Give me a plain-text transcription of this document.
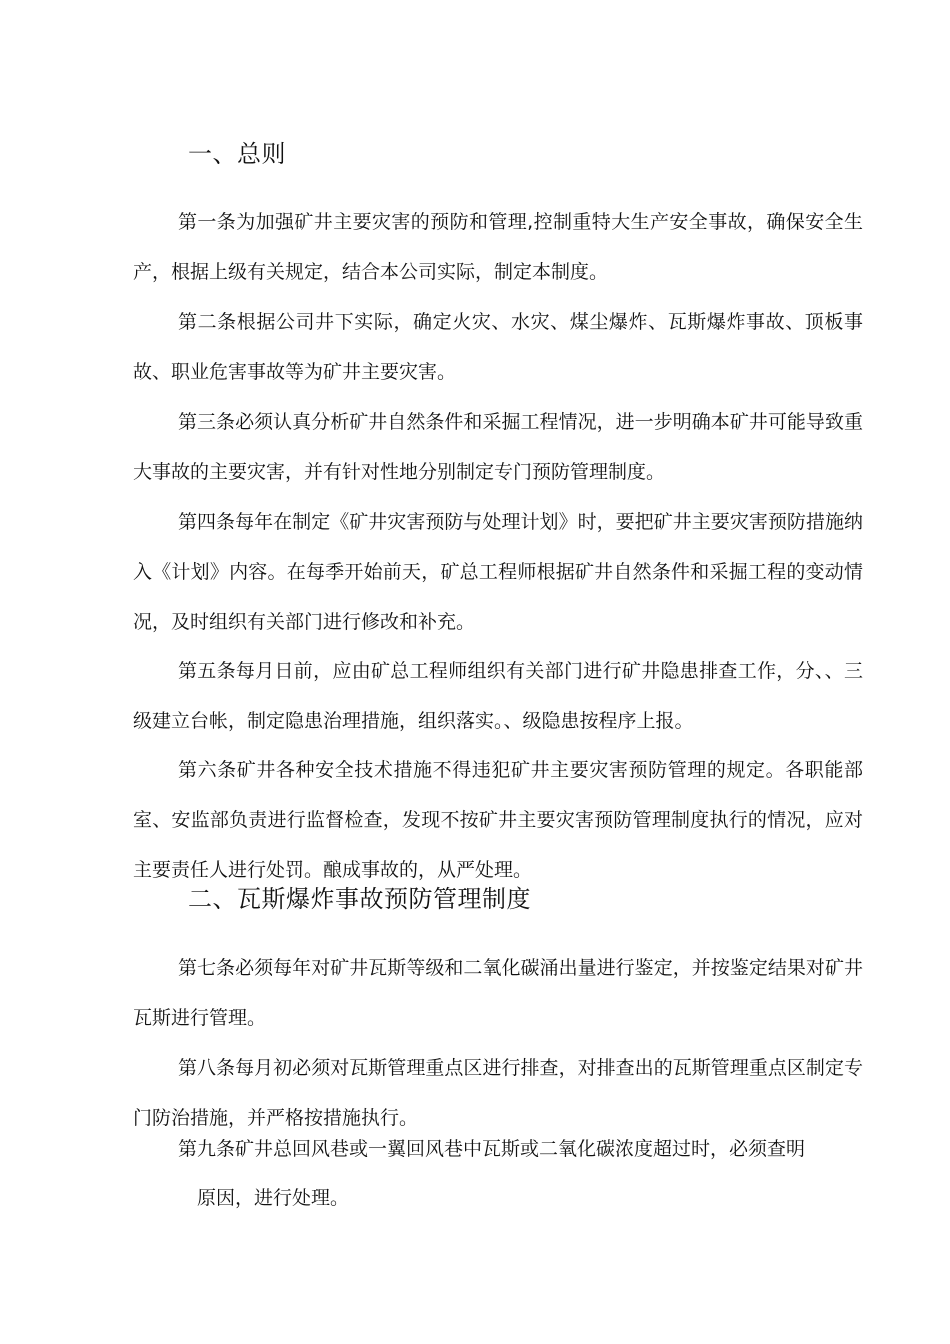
一、总则

第一条为加强矿井主要灾害的预防和管理,控制重特大生产安全事故，确保安全生产，根据上级有关规定，结合本公司实际，制定本制度。

第二条根据公司井下实际，确定火灾、水灾、煤尘爆炸、瓦斯爆炸事故、顶板事故、职业危害事故等为矿井主要灾害。

第三条必须认真分析矿井自然条件和采掘工程情况，进一步明确本矿井可能导致重大事故的主要灾害，并有针对性地分别制定专门预防管理制度。

第四条每年在制定《矿井灾害预防与处理计划》时，要把矿井主要灾害预防措施纳入《计划》内容。在每季开始前天，矿总工程师根据矿井自然条件和采掘工程的变动情况，及时组织有关部门进行修改和补充。

第五条每月日前，应由矿总工程师组织有关部门进行矿井隐患排查工作，分、、三级建立台帐，制定隐患治理措施，组织落实。、级隐患按程序上报。

第六条矿井各种安全技术措施不得违犯矿井主要灾害预防管理的规定。各职能部室、安监部负责进行监督检查，发现不按矿井主要灾害预防管理制度执行的情况，应对主要责任人进行处罚。酿成事故的，从严处理。

二、瓦斯爆炸事故预防管理制度

第七条必须每年对矿井瓦斯等级和二氧化碳涌出量进行鉴定，并按鉴定结果对矿井瓦斯进行管理。

第八条每月初必须对瓦斯管理重点区进行排查，对排查出的瓦斯管理重点区制定专门防治措施，并严格按措施执行。

第九条矿井总回风巷或一翼回风巷中瓦斯或二氧化碳浓度超过时，必须查明
原因，进行处理。
